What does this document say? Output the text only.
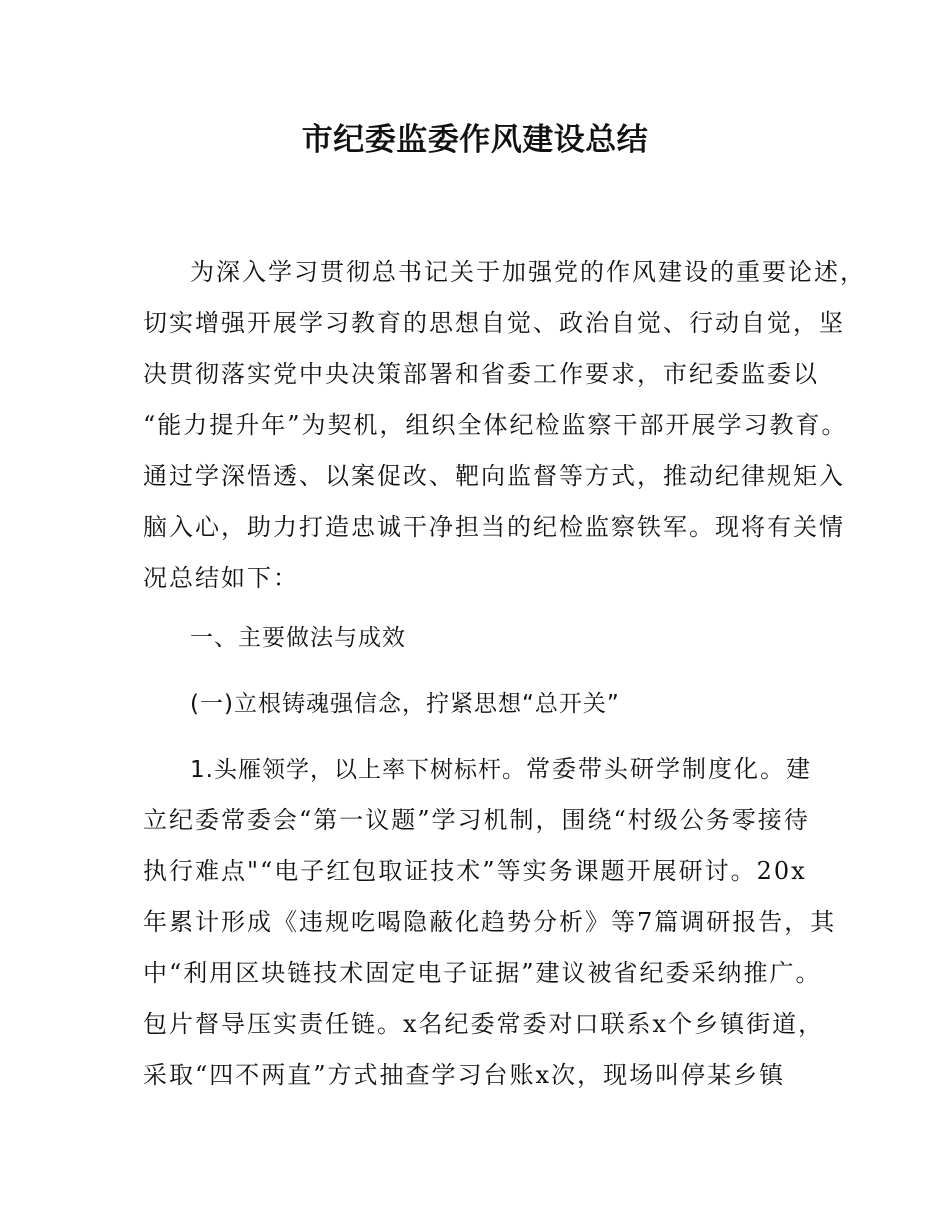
市纪委监委作风建设总结

为深入学习贯彻总书记关于加强党的作风建设的重要论述，

切实增强开展学习教育的思想自觉、政治自觉、行动自觉，坚

决贯彻落实党中央决策部署和省委工作要求，市纪委监委以

“能力提升年”为契机，组织全体纪检监察干部开展学习教育。

通过学深悟透、以案促改、靶向监督等方式，推动纪律规矩入

脑入心，助力打造忠诚干净担当的纪检监察铁军。现将有关情

况总结如下：

一、主要做法与成效

(一)立根铸魂强信念，拧紧思想“总开关”

1.头雁领学，以上率下树标杆。常委带头研学制度化。建

立纪委常委会“第一议题”学习机制，围绕“村级公务零接待

执行难点"“电子红包取证技术”等实务课题开展研讨。20x

年累计形成《违规吃喝隐蔽化趋势分析》等7篇调研报告，其

中“利用区块链技术固定电子证据”建议被省纪委采纳推广。

包片督导压实责任链。x名纪委常委对口联系x个乡镇街道，

采取“四不两直”方式抽查学习台账x次，现场叫停某乡镇
